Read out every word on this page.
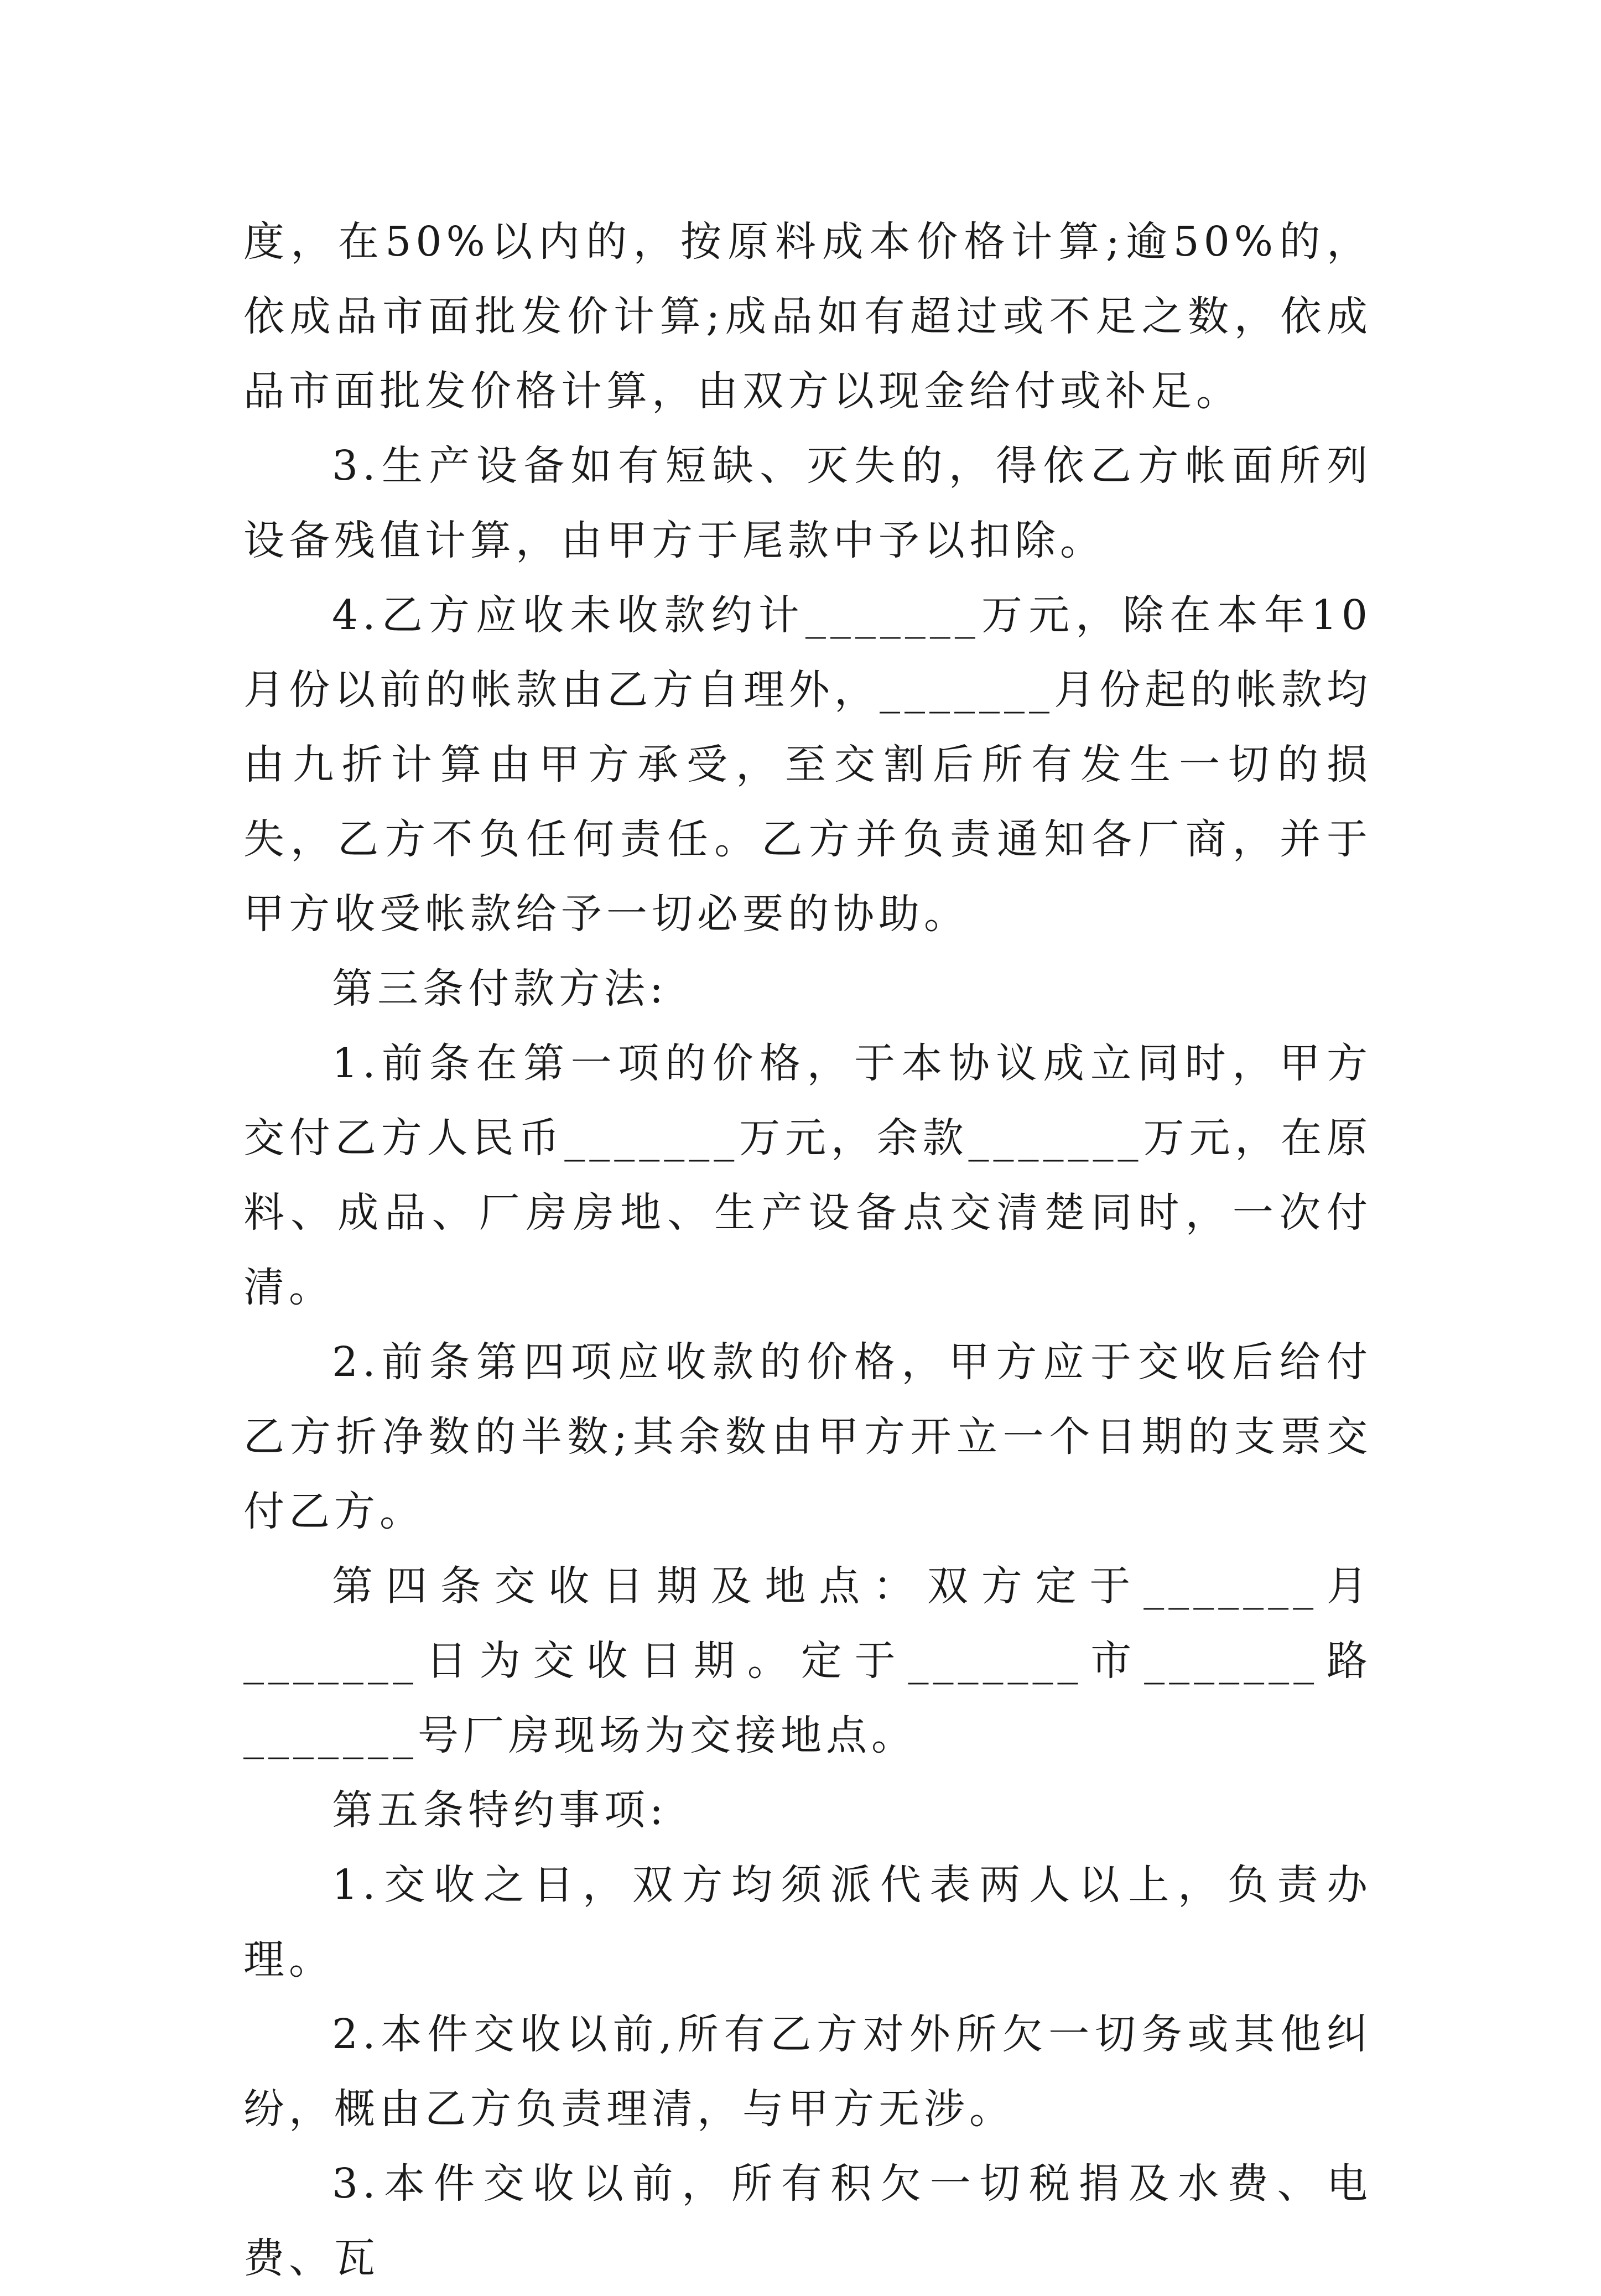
度，在50%以内的，按原料成本价格计算;逾50%的，依成品市面批发价计算;成品如有超过或不足之数，依成品市面批发价格计算，由双方以现金给付或补足。

3.生产设备如有短缺、灭失的，得依乙方帐面所列设备残值计算，由甲方于尾款中予以扣除。

4.乙方应收未收款约计_______万元，除在本年10月份以前的帐款由乙方自理外，_______月份起的帐款均由九折计算由甲方承受，至交割后所有发生一切的损失，乙方不负任何责任。乙方并负责通知各厂商，并于甲方收受帐款给予一切必要的协助。

第三条付款方法:

1.前条在第一项的价格，于本协议成立同时，甲方交付乙方人民币_______万元，余款_______万元，在原料、成品、厂房房地、生产设备点交清楚同时，一次付清。

2.前条第四项应收款的价格，甲方应于交收后给付乙方折净数的半数;其余数由甲方开立一个日期的支票交付乙方。

第四条交收日期及地点：双方定于_______月_______日为交收日期。定于_______市_______路_______号厂房现场为交接地点。

第五条特约事项:

1.交收之日，双方均须派代表两人以上，负责办理。

2.本件交收以前,所有乙方对外所欠一切务或其他纠纷，概由乙方负责理清，与甲方无涉。

3.本件交收以前，所有积欠一切税捐及水费、电费、瓦
